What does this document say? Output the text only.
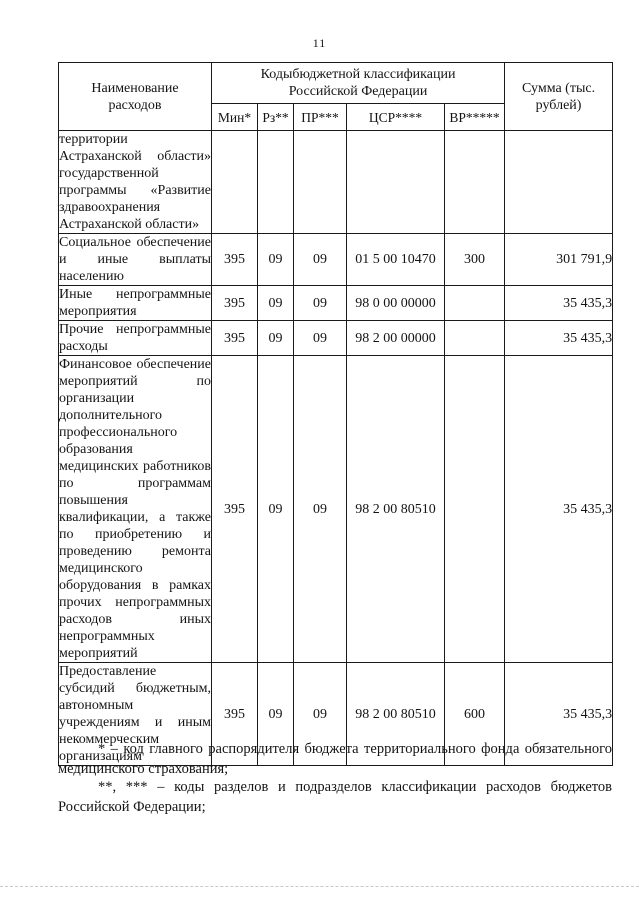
11
Наименование расходов	Кодыбюджетной классификации Российской Федерации					Сумма (тыс. рублей)
	Мин*	Рз**	ПР***	ЦСР****	ВР*****	
территории Астраханской области» государственной программы «Развитие здравоохранения Астраханской области»						
Социальное обеспечение и иные выплаты населению	395	09	09	01 5 00 10470	300	301 791,9
Иные непрограммные мероприятия	395	09	09	98 0 00 00000		35 435,3
Прочие непрограммные расходы	395	09	09	98 2 00 00000		35 435,3
Финансовое обеспечение мероприятий по организации дополнительного профессионального образования медицинских работников по программам повышения квалификации, а также по приобретению и проведению ремонта медицинского оборудования в рамках прочих непрограммных расходов иных непрограммных мероприятий	395	09	09	98 2 00 80510		35 435,3
Предоставление субсидий бюджетным, автономным учреждениям и иным некоммерческим организациям	395	09	09	98 2 00 80510	600	35 435,3
* – код главного распорядителя бюджета территориального фонда обязательного медицинского страхования;
**, *** – коды разделов и подразделов классификации расходов бюджетов Российской Федерации;
